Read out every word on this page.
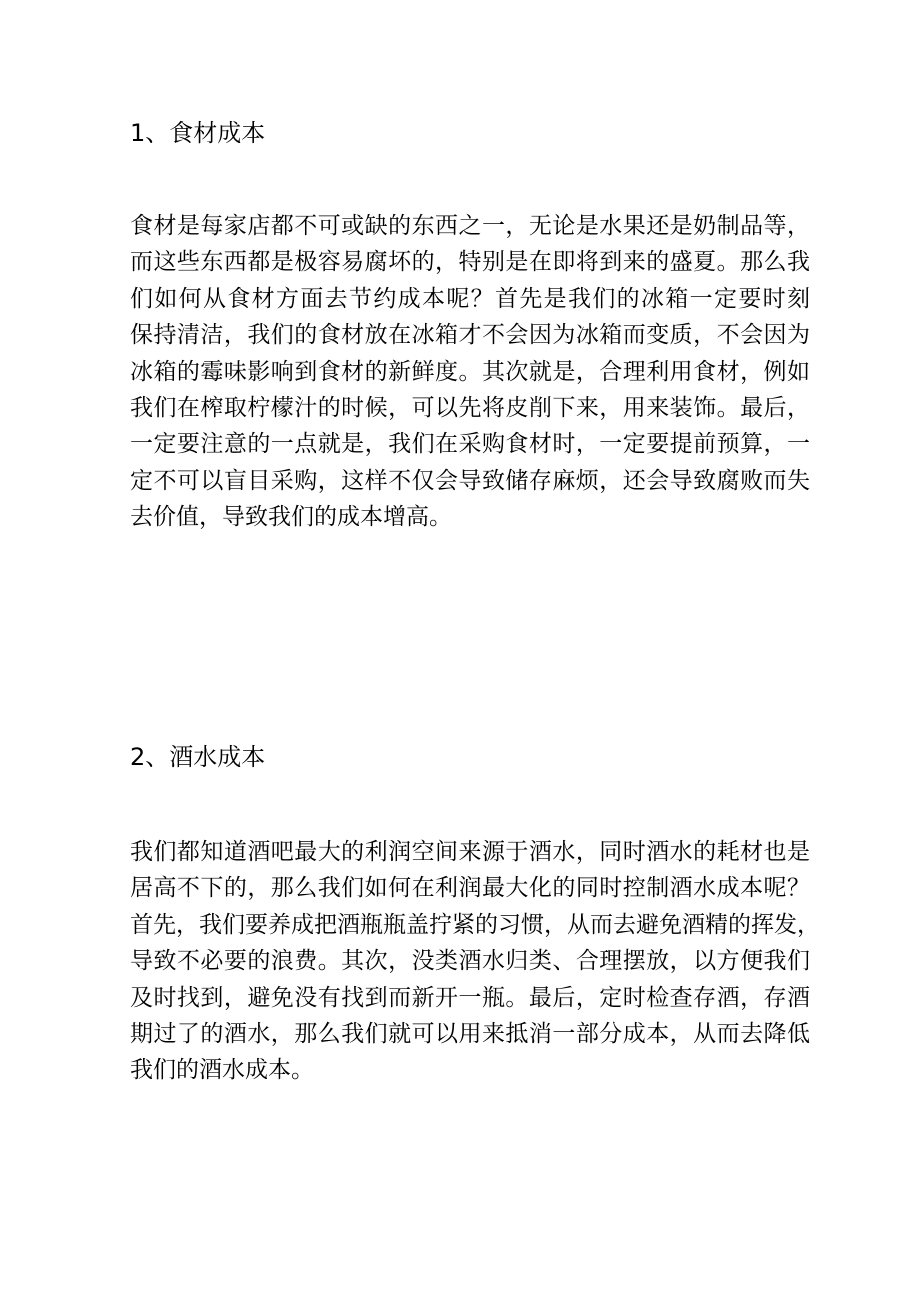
1、食材成本
食材是每家店都不可或缺的东西之一，无论是水果还是奶制品等，
而这些东西都是极容易腐坏的，特别是在即将到来的盛夏。那么我
们如何从食材方面去节约成本呢？首先是我们的冰箱一定要时刻
保持清洁，我们的食材放在冰箱才不会因为冰箱而变质，不会因为
冰箱的霉味影响到食材的新鲜度。其次就是，合理利用食材，例如
我们在榨取柠檬汁的时候，可以先将皮削下来，用来装饰。最后，
一定要注意的一点就是，我们在采购食材时，一定要提前预算，一
定不可以盲目采购，这样不仅会导致储存麻烦，还会导致腐败而失
去价值，导致我们的成本增高。
2、酒水成本
我们都知道酒吧最大的利润空间来源于酒水，同时酒水的耗材也是
居高不下的，那么我们如何在利润最大化的同时控制酒水成本呢？
首先，我们要养成把酒瓶瓶盖拧紧的习惯，从而去避免酒精的挥发，
导致不必要的浪费。其次，没类酒水归类、合理摆放，以方便我们
及时找到，避免没有找到而新开一瓶。最后，定时检查存酒，存酒
期过了的酒水，那么我们就可以用来抵消一部分成本，从而去降低
我们的酒水成本。
